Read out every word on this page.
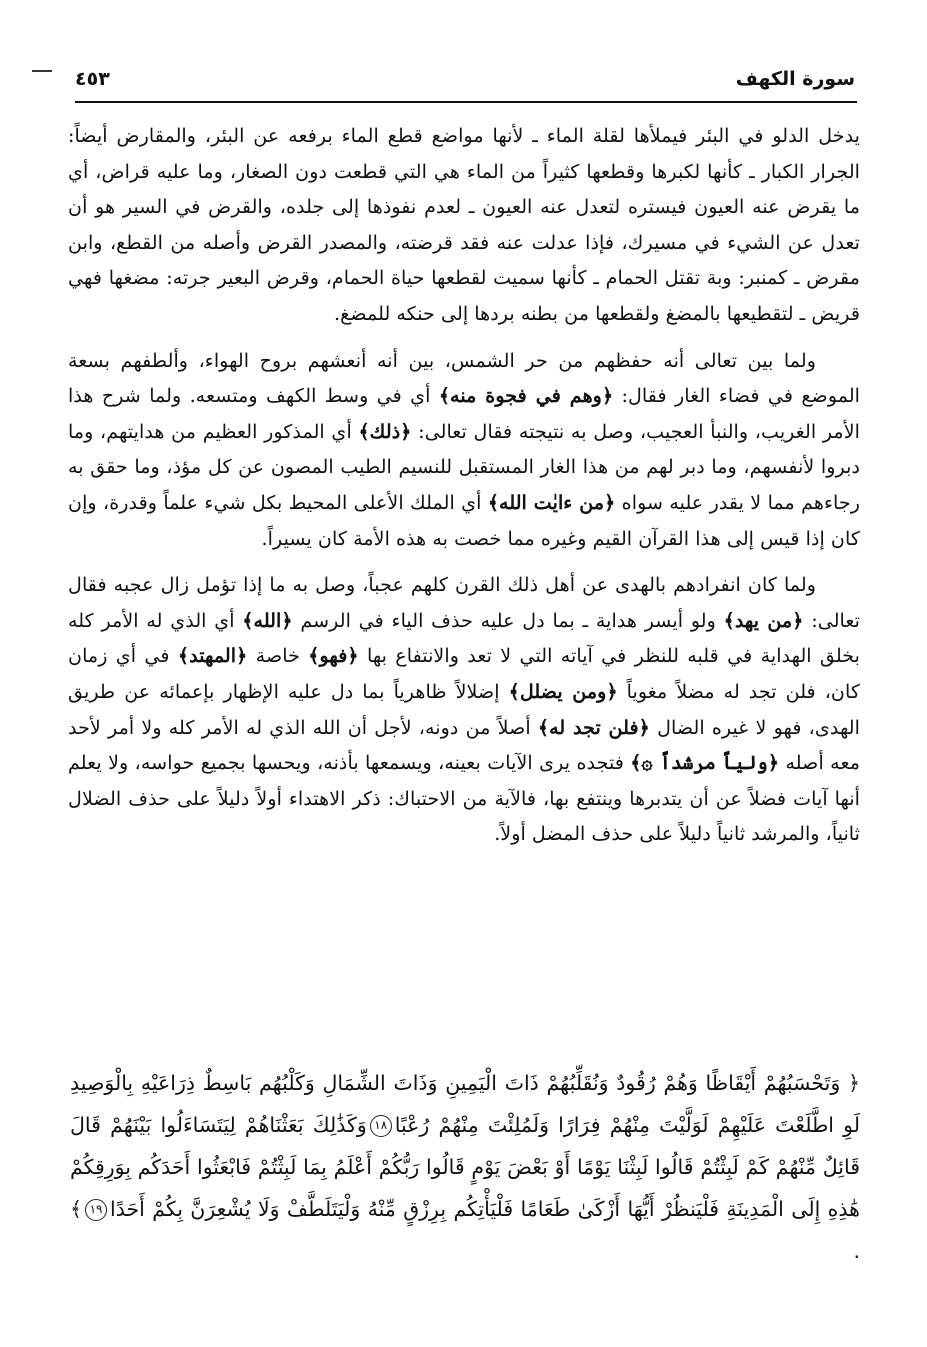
سورة الكهف
٤٥٣

يدخل الدلو في البئر فيملأها لقلة الماء ـ لأنها مواضع قطع الماء برفعه عن البئر، والمقارض أيضاً: الجرار الكبار ـ كأنها لكبرها وقطعها كثيراً من الماء هي التي قطعت دون الصغار، وما عليه قراض، أي ما يقرض عنه العيون فيستره لتعدل عنه العيون ـ لعدم نفوذها إلى جلده، والقرض في السير هو أن تعدل عن الشيء في مسيرك، فإذا عدلت عنه فقد قرضته، والمصدر القرض وأصله من القطع، وابن مقرض ـ كمنبر: وبة تقتل الحمام ـ كأنها سميت لقطعها حياة الحمام، وقرض البعير جرته: مضغها فهي قريض ـ لتقطيعها بالمضغ ولقطعها من بطنه بردها إلى حنكه للمضغ.

ولما بين تعالى أنه حفظهم من حر الشمس، بين أنه أنعشهم بروح الهواء، وألطفهم بسعة الموضع في فضاء الغار فقال: ﴿وهم في فجوة منه﴾ أي في وسط الكهف ومتسعه. ولما شرح هذا الأمر الغريب، والنبأ العجيب، وصل به نتيجته فقال تعالى: ﴿ذلك﴾ أي المذكور العظيم من هدايتهم، وما دبروا لأنفسهم، وما دبر لهم من هذا الغار المستقبل للنسيم الطيب المصون عن كل مؤذ، وما حقق به رجاءهم مما لا يقدر عليه سواه ﴿من ءايٰت الله﴾ أي الملك الأعلى المحيط بكل شيء علماً وقدرة، وإن كان إذا قيس إلى هذا القرآن القيم وغيره مما خصت به هذه الأمة كان يسيراً.

ولما كان انفرادهم بالهدى عن أهل ذلك القرن كلهم عجباً، وصل به ما إذا تؤمل زال عجبه فقال تعالى: ﴿من يهد﴾ ولو أيسر هداية ـ بما دل عليه حذف الياء في الرسم ﴿الله﴾ أي الذي له الأمر كله بخلق الهداية في قلبه للنظر في آياته التي لا تعد والانتفاع بها ﴿فهو﴾ خاصة ﴿المهتد﴾ في أي زمان كان، فلن تجد له مضلاً مغوياً ﴿ومن يضلل﴾ إضلالاً ظاهرياً بما دل عليه الإظهار بإعمائه عن طريق الهدى، فهو لا غيره الضال ﴿فلن تجد له﴾ أصلاً من دونه، لأجل أن الله الذي له الأمر كله ولا أمر لأحد معه أصله ﴿ولياً مرشداً ۞﴾ فتجده يرى الآيات بعينه، ويسمعها بأذنه، ويحسها بجميع حواسه، ولا يعلم أنها آيات فضلاً عن أن يتدبرها وينتفع بها، فالآية من الاحتباك: ذكر الاهتداء أولاً دليلاً على حذف الضلال ثانياً، والمرشد ثانياً دليلاً على حذف المضل أولاً.

﴿ وَتَحْسَبُهُمْ أَيْقَاظًا وَهُمْ رُقُودٌ وَنُقَلِّبُهُمْ ذَاتَ الْيَمِينِ وَذَاتَ الشِّمَالِ وَكَلْبُهُم بَاسِطٌ ذِرَاعَيْهِ بِالْوَصِيدِ لَوِ اطَّلَعْتَ عَلَيْهِمْ لَوَلَّيْتَ مِنْهُمْ فِرَارًا وَلَمُلِئْتَ مِنْهُمْ رُعْبًا١٨وَكَذَٰلِكَ بَعَثْنَاهُمْ لِيَتَسَاءَلُوا بَيْنَهُمْ قَالَ قَائِلٌ مِّنْهُمْ كَمْ لَبِثْتُمْ قَالُوا لَبِثْنَا يَوْمًا أَوْ بَعْضَ يَوْمٍ قَالُوا رَبُّكُمْ أَعْلَمُ بِمَا لَبِثْتُمْ فَابْعَثُوا أَحَدَكُم بِوَرِقِكُمْ هَٰذِهِ إِلَى الْمَدِينَةِ فَلْيَنظُرْ أَيُّهَا أَزْكَىٰ طَعَامًا فَلْيَأْتِكُم بِرِزْقٍ مِّنْهُ وَلْيَتَلَطَّفْ وَلَا يُشْعِرَنَّ بِكُمْ أَحَدًا١٩﴾ .
